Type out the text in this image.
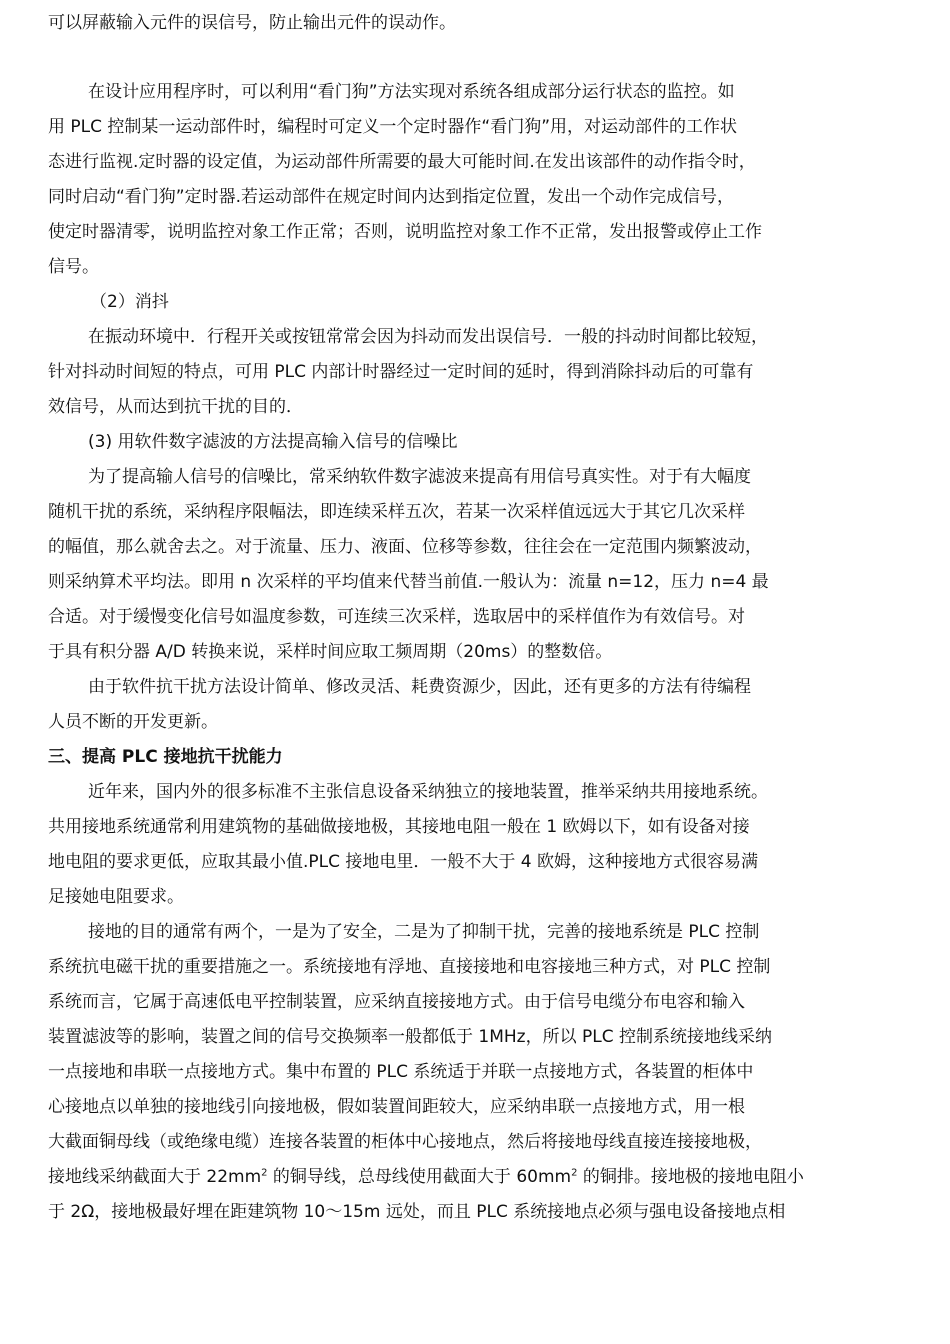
可以屏蔽输入元件的误信号，防止输出元件的误动作。
在设计应用程序时，可以利用“看门狗”方法实现对系统各组成部分运行状态的监控。如
用 PLC 控制某一运动部件时，编程时可定义一个定时器作“看门狗”用，对运动部件的工作状
态进行监视.定时器的设定值，为运动部件所需要的最大可能时间.在发出该部件的动作指令时，
同时启动“看门狗”定时器.若运动部件在规定时间内达到指定位置，发出一个动作完成信号，
使定时器清零，说明监控对象工作正常；否则，说明监控对象工作不正常，发出报警或停止工作
信号。
（2）消抖
在振动环境中．行程开关或按钮常常会因为抖动而发出误信号．一般的抖动时间都比较短，
针对抖动时间短的特点，可用 PLC 内部计时器经过一定时间的延时，得到消除抖动后的可靠有
效信号，从而达到抗干扰的目的．
(3) 用软件数字滤波的方法提高输入信号的信噪比
为了提高输人信号的信噪比，常采纳软件数字滤波来提高有用信号真实性。对于有大幅度
随机干扰的系统，采纳程序限幅法，即连续采样五次，若某一次采样值远远大于其它几次采样
的幅值，那么就舍去之。对于流量、压力、液面、位移等参数，往往会在一定范围内频繁波动，
则采纳算术平均法。即用 n 次采样的平均值来代替当前值.一般认为：流量 n=12，压力 n=4 最
合适。对于缓慢变化信号如温度参数，可连续三次采样，选取居中的采样值作为有效信号。对
于具有积分器 A/D 转换来说，采样时间应取工频周期（20ms）的整数倍。
由于软件抗干扰方法设计简单、修改灵活、耗费资源少，因此，还有更多的方法有待编程
人员不断的开发更新。
三、提高 PLC 接地抗干扰能力
近年来，国内外的很多标准不主张信息设备采纳独立的接地装置，推举采纳共用接地系统。
共用接地系统通常利用建筑物的基础做接地极，其接地电阻一般在 1 欧姆以下，如有设备对接
地电阻的要求更低，应取其最小值.PLC 接地电里．一般不大于 4 欧姆，这种接地方式很容易满
足接她电阻要求。
接地的目的通常有两个，一是为了安全，二是为了抑制干扰，完善的接地系统是 PLC 控制
系统抗电磁干扰的重要措施之一。系统接地有浮地、直接接地和电容接地三种方式，对 PLC 控制
系统而言，它属于高速低电平控制装置，应采纳直接接地方式。由于信号电缆分布电容和输入
装置滤波等的影响，装置之间的信号交换频率一般都低于 1MHz，所以 PLC 控制系统接地线采纳
一点接地和串联一点接地方式。集中布置的 PLC 系统适于并联一点接地方式，各装置的柜体中
心接地点以单独的接地线引向接地极，假如装置间距较大，应采纳串联一点接地方式，用一根
大截面铜母线（或绝缘电缆）连接各装置的柜体中心接地点，然后将接地母线直接连接接地极，
接地线采纳截面大于 $22mm^2$ 的铜导线，总母线使用截面大于 $60mm^2$ 的铜排。接地极的接地电阻小
于 2Ω，接地极最好埋在距建筑物 10～15m 远处，而且 PLC 系统接地点必须与强电设备接地点相
